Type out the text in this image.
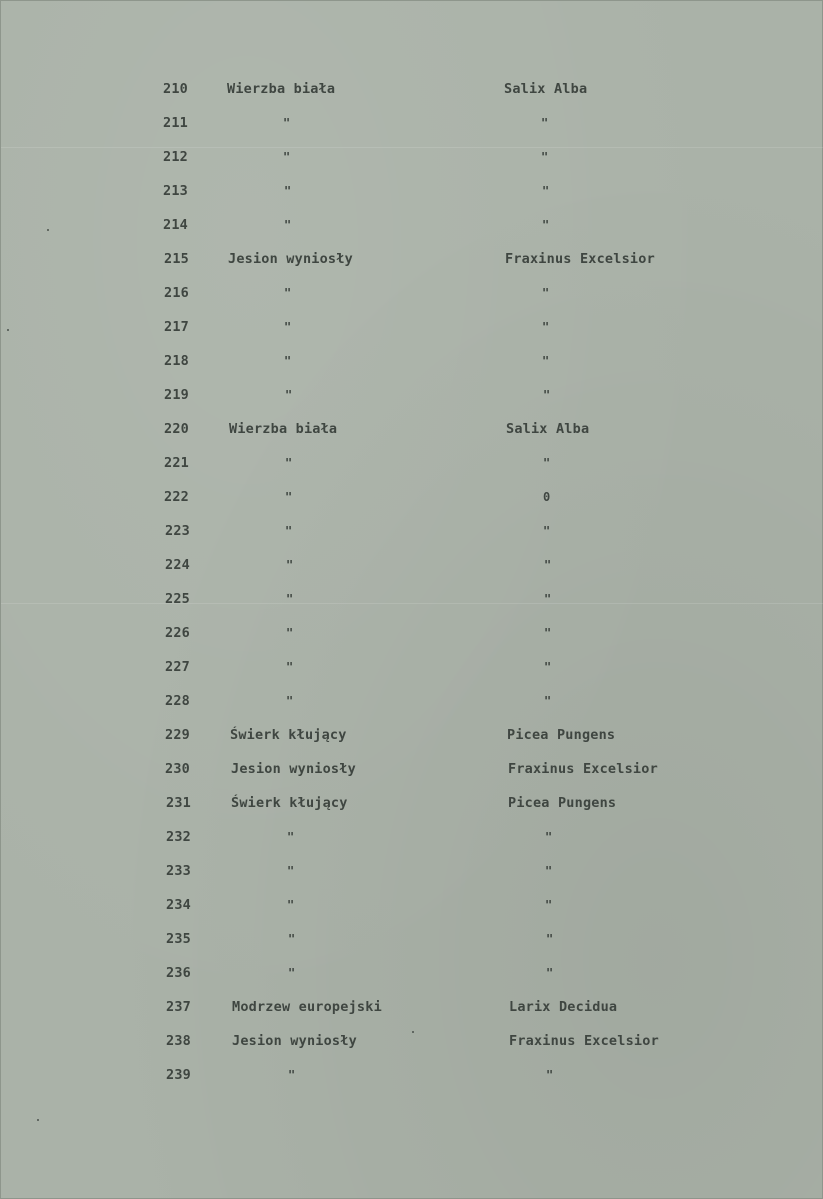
210	Wierzba biała	Salix Alba
211	"	"
212	"	"
213	"	"
214	"	"
215	Jesion wyniosły	Fraxinus Excelsior
216	"	"
217	"	"
218	"	"
219	"	"
220	Wierzba biała	Salix Alba
221	"	"
222	"	0
223	"	"
224	"	"
225	"	"
226	"	"
227	"	"
228	"	"
229	Świerk kłujący	Picea Pungens
230	Jesion wyniosły	Fraxinus Excelsior
231	Świerk kłujący	Picea Pungens
232	"	"
233	"	"
234	"	"
235	"	"
236	"	"
237	Modrzew europejski	Larix Decidua
238	Jesion wyniosły	Fraxinus Excelsior
239	"	"
